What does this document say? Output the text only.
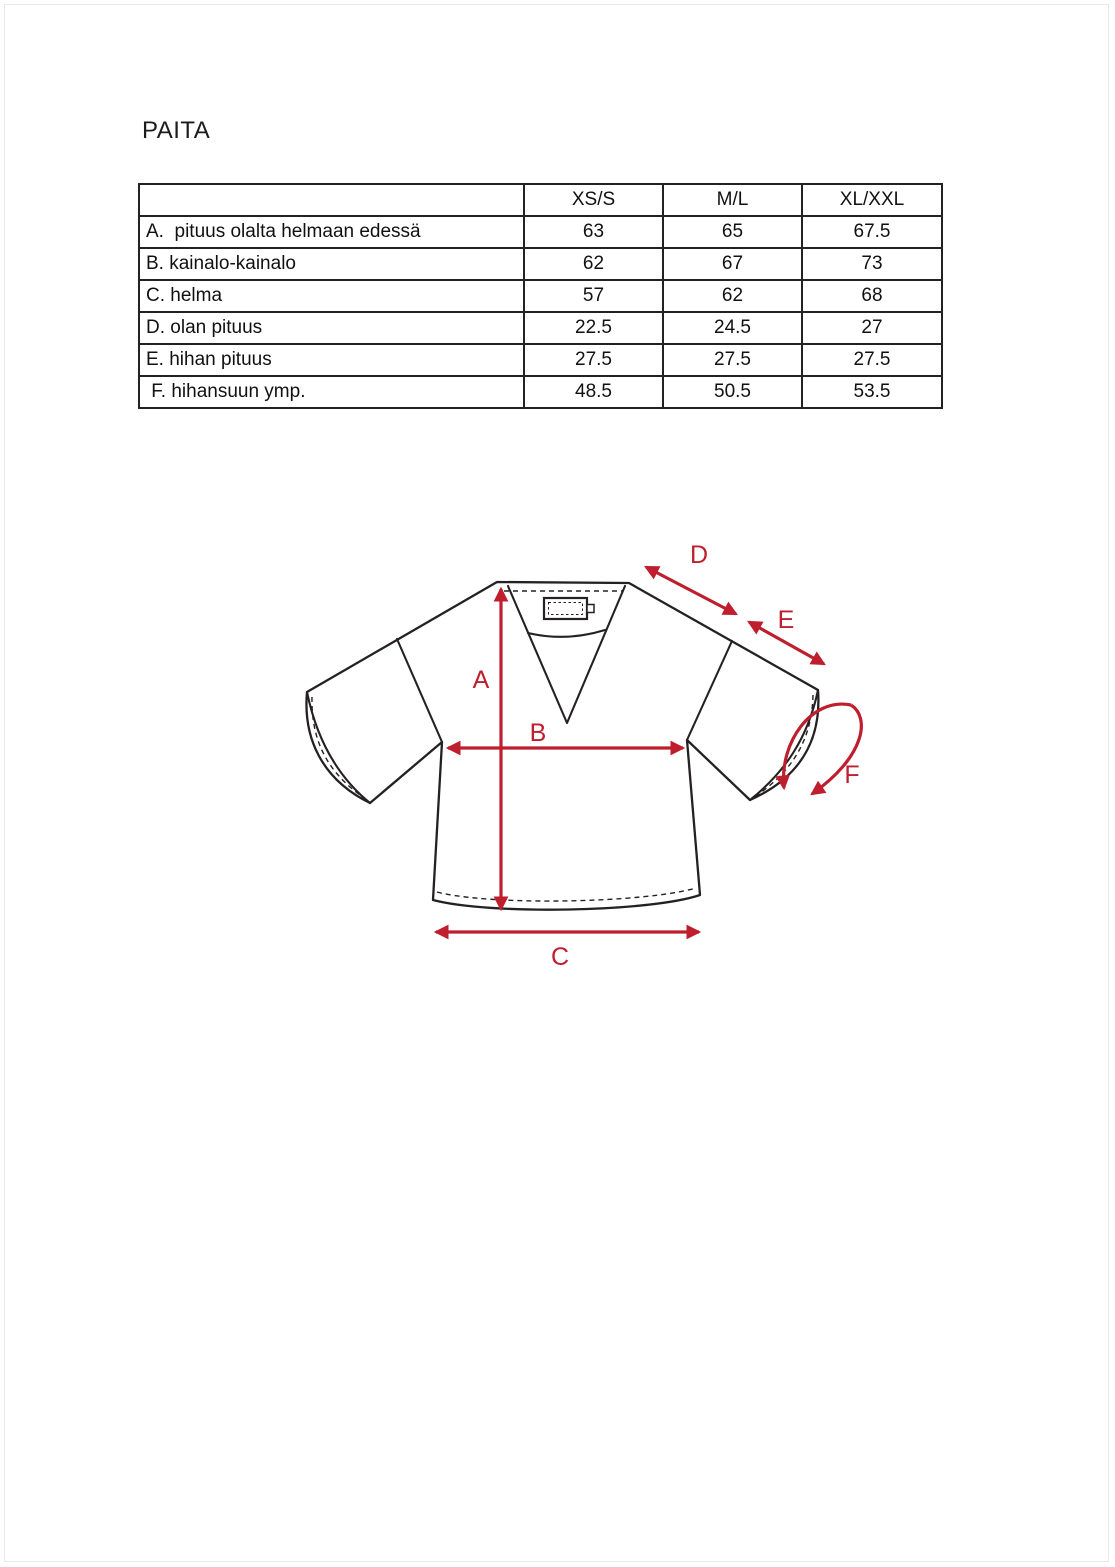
PAITA
	XS/S	M/L	XL/XXL
A.  pituus olalta helmaan edessä	63	65	67.5
B. kainalo-kainalo	62	67	73
C. helma	57	62	68
D. olan pituus	22.5	24.5	27
E. hihan pituus	27.5	27.5	27.5
F. hihansuun ymp.	48.5	50.5	53.5
A
B
C
D
E
F
